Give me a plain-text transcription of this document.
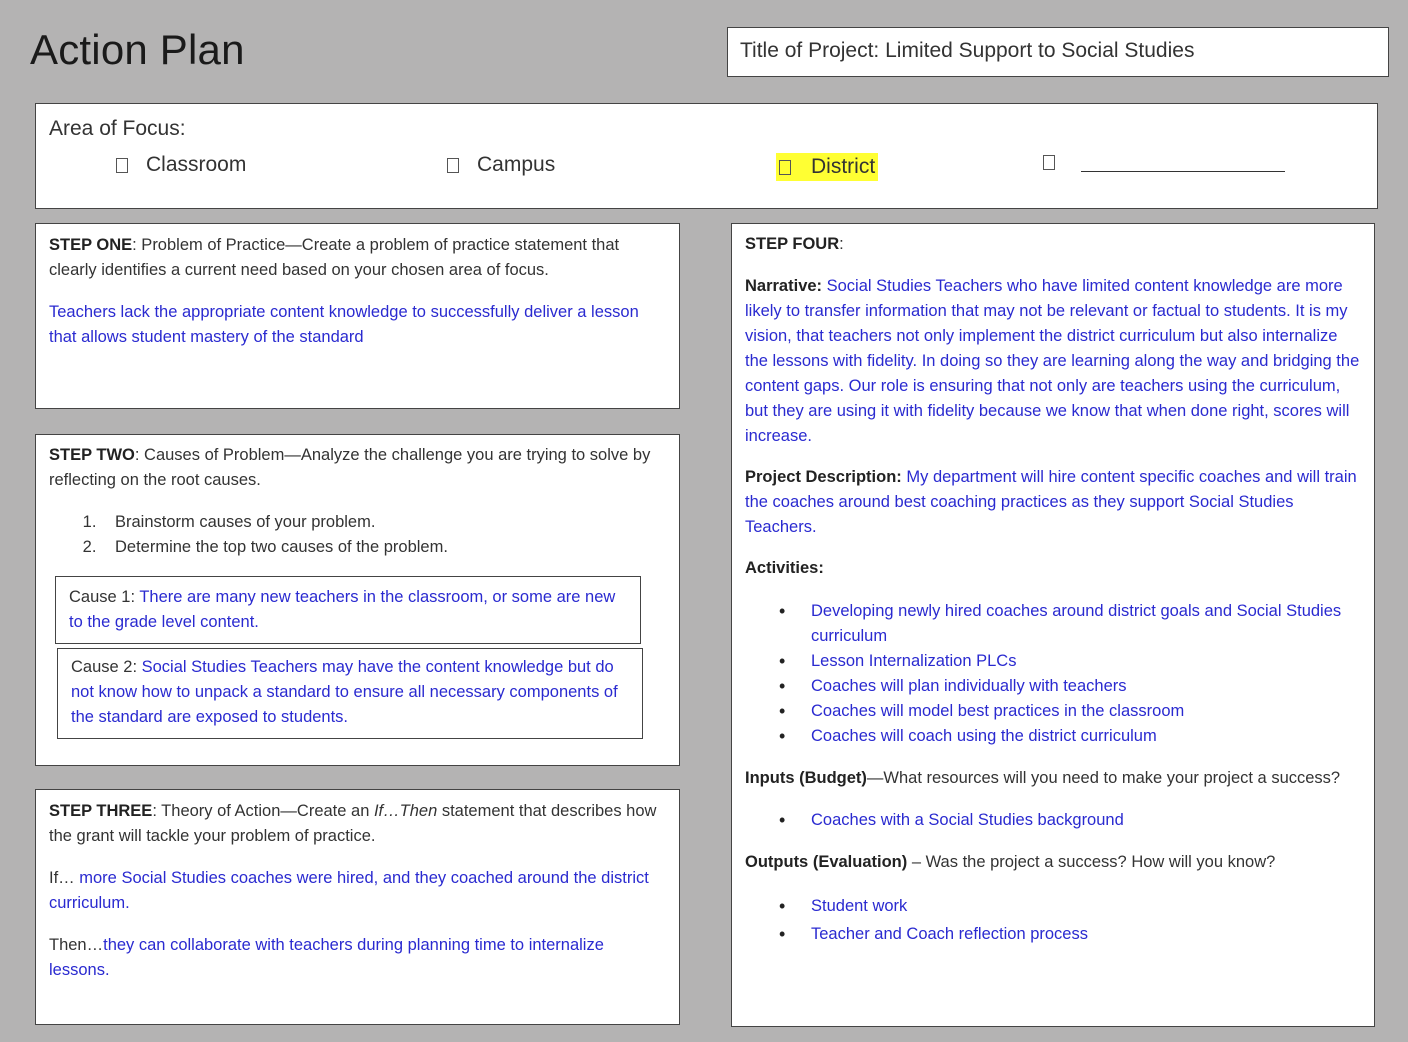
Action Plan	Title of Project: Limited Support to Social Studies
Area of Focus:
Classroom	Campus	District

STEP ONE: Problem of Practice—Create a problem of practice statement that clearly identifies a current need based on your chosen area of focus.

Teachers lack the appropriate content knowledge to successfully deliver a lesson that allows student mastery of the standard

STEP TWO: Causes of Problem—Analyze the challenge you are trying to solve by reflecting on the root causes.

1. Brainstorm causes of your problem.
2. Determine the top two causes of the problem.
Cause 1: There are many new teachers in the classroom, or some are new to the grade level content.
Cause 2: Social Studies Teachers may have the content knowledge but do not know how to unpack a standard to ensure all necessary components of the standard are exposed to students.

STEP THREE: Theory of Action—Create an If…Then statement that describes how the grant will tackle your problem of practice.

If… more Social Studies coaches were hired, and they coached around the district curriculum.

Then…they can collaborate with teachers during planning time to internalize lessons.

STEP FOUR:

Narrative: Social Studies Teachers who have limited content knowledge are more likely to transfer information that may not be relevant or factual to students. It is my vision, that teachers not only implement the district curriculum but also internalize the lessons with fidelity. In doing so they are learning along the way and bridging the content gaps. Our role is ensuring that not only are teachers using the curriculum, but they are using it with fidelity because we know that when done right, scores will increase.

Project Description: My department will hire content specific coaches and will train the coaches around best coaching practices as they support Social Studies Teachers.

Activities:

• Developing newly hired coaches around district goals and Social Studies curriculum
• Lesson Internalization PLCs
• Coaches will plan individually with teachers
• Coaches will model best practices in the classroom
• Coaches will coach using the district curriculum

Inputs (Budget)—What resources will you need to make your project a success?

• Coaches with a Social Studies background

Outputs (Evaluation) – Was the project a success? How will you know?

• Student work
• Teacher and Coach reflection process
